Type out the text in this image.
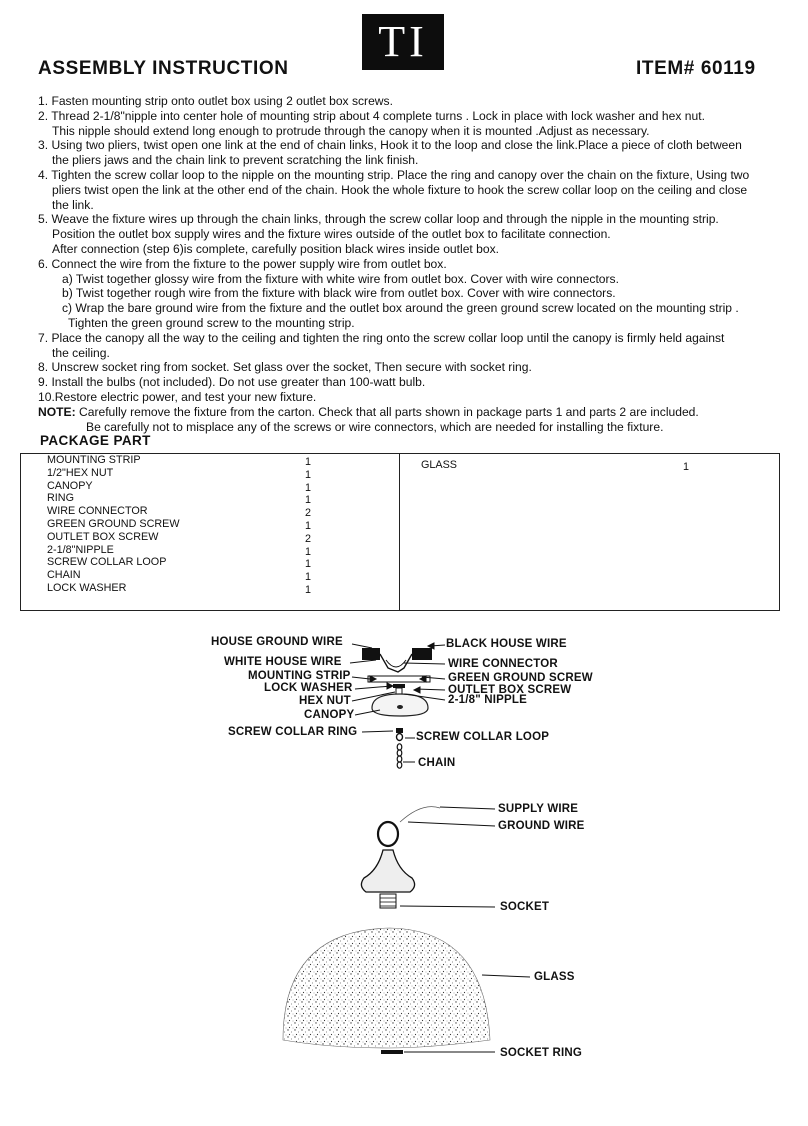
TI
ASSEMBLY INSTRUCTION	ITEM# 60119
1. Fasten mounting strip onto outlet box using 2 outlet box screws.
2. Thread 2-1/8"nipple into center hole of mounting strip about 4 complete turns . Lock in place with lock washer and hex nut.
This nipple should extend long enough to protrude through the canopy when it is mounted .Adjust as necessary.
3. Using two pliers, twist open one link at the end of chain links, Hook it to the loop and close the link.Place a piece of cloth between
the pliers jaws and the chain link to prevent scratching the link finish.
4. Tighten the screw collar loop to the nipple on the mounting strip. Place the ring and canopy over the chain on the fixture, Using two
pliers twist open the link at the other end of the chain. Hook the whole fixture to hook the screw collar loop on the ceiling and close
the link.
5. Weave the fixture wires up through the chain links, through the screw collar loop and through the nipple in the mounting strip.
Position the outlet box supply wires and the fixture wires outside of the outlet box to facilitate connection.
After connection (step 6)is complete, carefully position black wires inside outlet box.
6. Connect the wire from the fixture to the power supply wire from outlet box.
a) Twist together glossy wire from the fixture with white wire from outlet box. Cover with wire connectors.
b) Twist together rough wire from the fixture with black wire from outlet box. Cover with wire connectors.
c) Wrap the bare ground wire from the fixture and the outlet box around the green ground screw located on the mounting strip .
Tighten the green ground screw to the mounting strip.
7. Place the canopy all the way to the ceiling and tighten the ring onto the screw collar loop until the canopy is firmly held against
the ceiling.
8. Unscrew socket ring from socket. Set glass over the socket, Then secure with socket ring.
9. Install the bulbs (not included). Do not use greater than 100-watt bulb.
10.Restore electric power, and test your new fixture.
NOTE: Carefully remove the fixture from the carton. Check that all parts shown in package parts 1 and parts 2 are included.
Be carefully not to misplace any of the screws or wire connectors, which are needed for installing the fixture.
PACKAGE PART
MOUNTING STRIP	1
1/2"HEX NUT	1
CANOPY	1
RING	1
WIRE CONNECTOR	2
GREEN GROUND SCREW	1
OUTLET BOX SCREW	2
2-1/8"NIPPLE	1
SCREW COLLAR LOOP	1
CHAIN	1
LOCK WASHER	1
GLASS	1
HOUSE GROUND WIRE
WHITE HOUSE WIRE
MOUNTING STRIP
LOCK WASHER
HEX NUT
CANOPY
SCREW COLLAR RING
BLACK HOUSE WIRE
WIRE CONNECTOR
GREEN GROUND SCREW
OUTLET BOX SCREW
2-1/8" NIPPLE
SCREW COLLAR LOOP
CHAIN
SUPPLY WIRE
GROUND WIRE
SOCKET
GLASS
SOCKET RING
